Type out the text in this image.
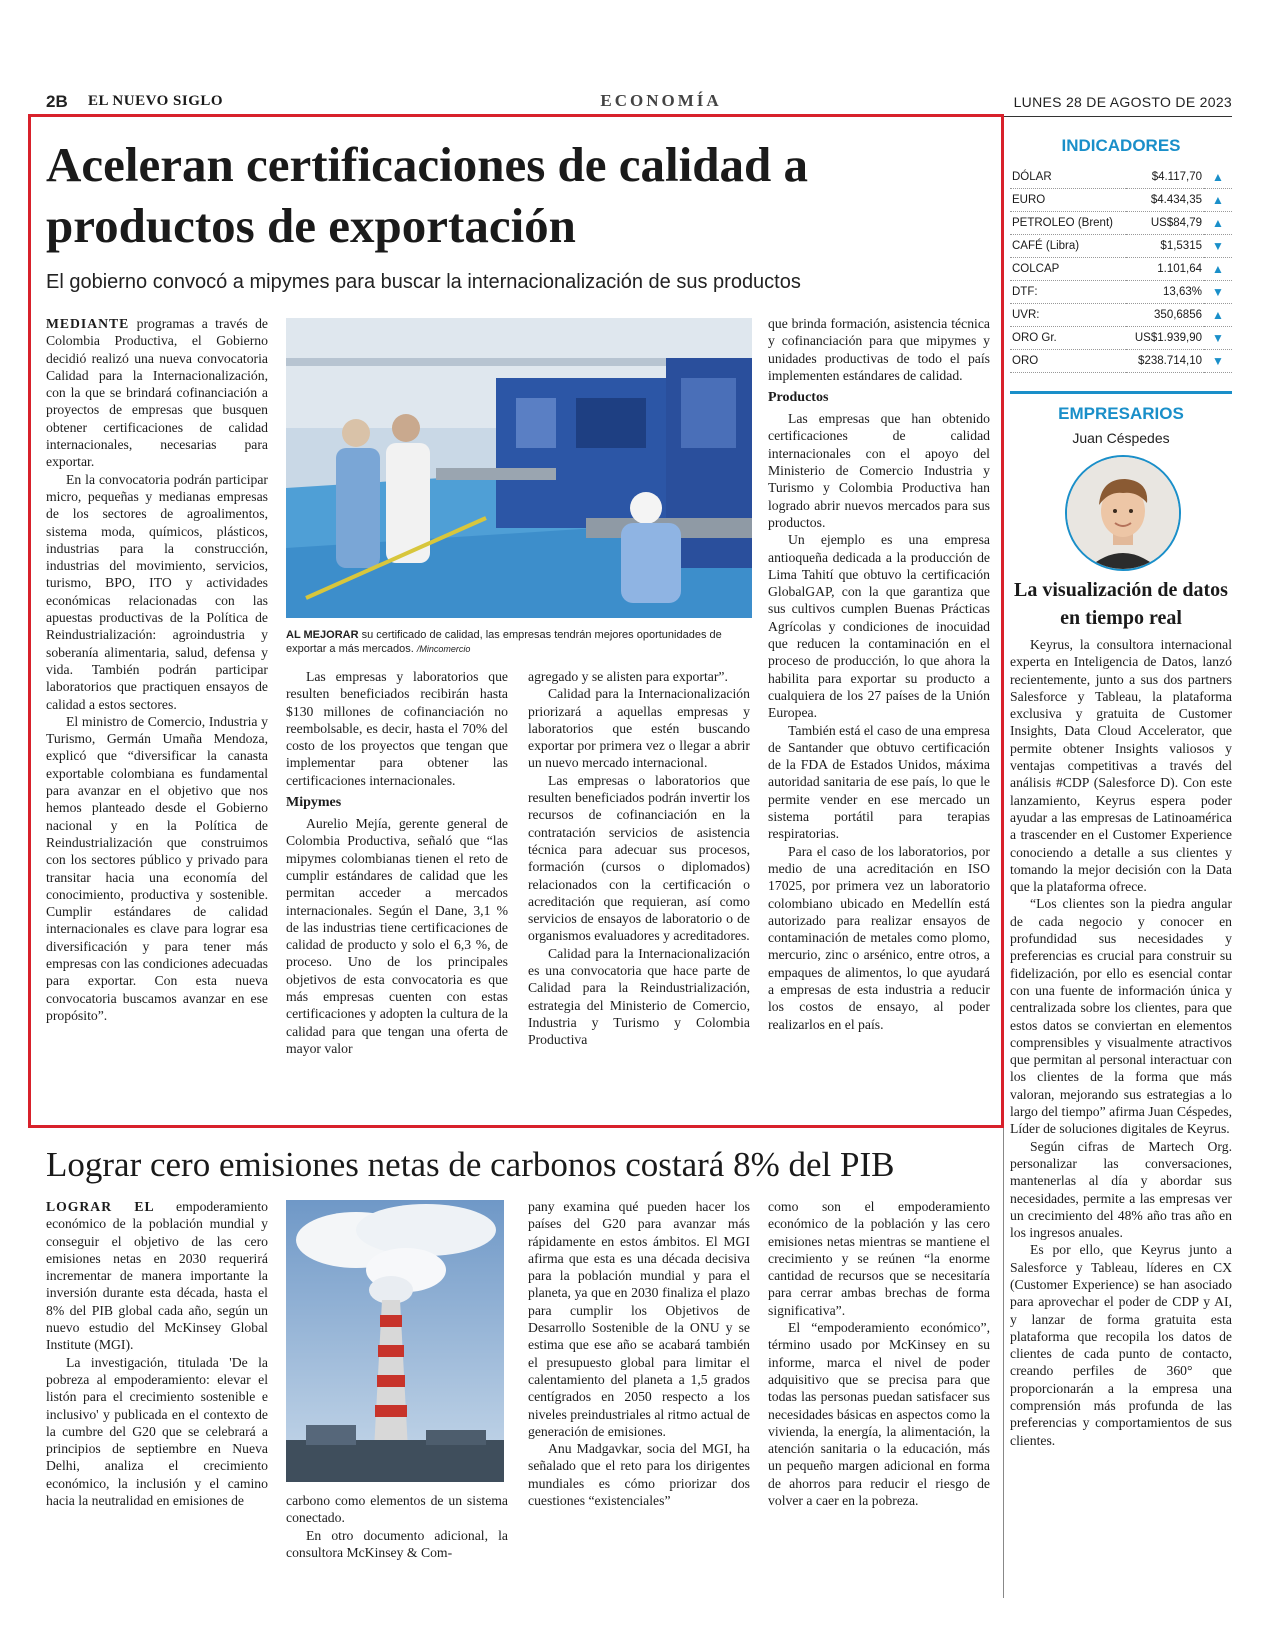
2B EL NUEVO SIGLO	ECONOMÍA	LUNES 28 DE AGOSTO DE 2023
Aceleran certificaciones de calidad a productos de exportación

El gobierno convocó a mipymes para buscar la internacionalización de sus productos

MEDIANTE programas a través de Colombia Productiva, el Gobierno decidió realizó una nueva convocatoria Calidad para la Internacionalización, con la que se brindará cofinanciación a proyectos de empresas que busquen obtener certificaciones de calidad internacionales, necesarias para exportar.

En la convocatoria podrán participar micro, pequeñas y medianas empresas de los sectores de agroalimentos, sistema moda, químicos, plásticos, industrias para la construcción, industrias del movimiento, servicios, turismo, BPO, ITO y actividades económicas relacionadas con las apuestas productivas de la Política de Reindustrialización: agroindustria y soberanía alimentaria, salud, defensa y vida. También podrán participar laboratorios que practiquen ensayos de calidad a estos sectores.

El ministro de Comercio, Industria y Turismo, Germán Umaña Mendoza, explicó que “diversificar la canasta exportable colombiana es fundamental para avanzar en el objetivo que nos hemos planteado desde el Gobierno nacional y en la Política de Reindustrialización que construimos con los sectores público y privado para transitar hacia una economía del conocimiento, productiva y sostenible. Cumplir estándares de calidad internacionales es clave para lograr esa diversificación y para tener más empresas con las condiciones adecuadas para exportar. Con esta nueva convocatoria buscamos avanzar en ese propósito”.

AL MEJORAR su certificado de calidad, las empresas tendrán mejores oportunidades de exportar a más mercados. /Mincomercio

Las empresas y laboratorios que resulten beneficiados recibirán hasta $130 millones de cofinanciación no reembolsable, es decir, hasta el 70% del costo de los proyectos que tengan que implementar para obtener las certificaciones internacionales.

Mipymes

Aurelio Mejía, gerente general de Colombia Productiva, señaló que “las mipymes colombianas tienen el reto de cumplir estándares de calidad que les permitan acceder a mercados internacionales. Según el Dane, 3,1 % de las industrias tiene certificaciones de calidad de producto y solo el 6,3 %, de proceso. Uno de los principales objetivos de esta convocatoria es que más empresas cuenten con estas certificaciones y adopten la cultura de la calidad para que tengan una oferta de mayor valor

agregado y se alisten para exportar”.

Calidad para la Internacionalización priorizará a aquellas empresas y laboratorios que estén buscando exportar por primera vez o llegar a abrir un nuevo mercado internacional.

Las empresas o laboratorios que resulten beneficiados podrán invertir los recursos de cofinanciación en la contratación servicios de asistencia técnica para adecuar sus procesos, formación (cursos o diplomados) relacionados con la certificación o acreditación que requieran, así como servicios de ensayos de laboratorio o de organismos evaluadores y acreditadores.

Calidad para la Internacionalización es una convocatoria que hace parte de Calidad para la Reindustrialización, estrategia del Ministerio de Comercio, Industria y Turismo y Colombia Productiva

que brinda formación, asistencia técnica y cofinanciación para que mipymes y unidades productivas de todo el país implementen estándares de calidad.

Productos

Las empresas que han obtenido certificaciones de calidad internacionales con el apoyo del Ministerio de Comercio Industria y Turismo y Colombia Productiva han logrado abrir nuevos mercados para sus productos.

Un ejemplo es una empresa antioqueña dedicada a la producción de Lima Tahití que obtuvo la certificación GlobalGAP, con la que garantiza que sus cultivos cumplen Buenas Prácticas Agrícolas y condiciones de inocuidad que reducen la contaminación en el proceso de producción, lo que ahora la habilita para exportar su producto a cualquiera de los 27 países de la Unión Europea.

También está el caso de una empresa de Santander que obtuvo certificación de la FDA de Estados Unidos, máxima autoridad sanitaria de ese país, lo que le permite vender en ese mercado un sistema portátil para terapias respiratorias.

Para el caso de los laboratorios, por medio de una acreditación en ISO 17025, por primera vez un laboratorio colombiano ubicado en Medellín está autorizado para realizar ensayos de contaminación de metales como plomo, mercurio, zinc o arsénico, entre otros, a empaques de alimentos, lo que ayudará a empresas de esta industria a reducir los costos de ensayo, al poder realizarlos en el país.

INDICADORES
DÓLAR	$4.117,70	▲
EURO	$4.434,35	▲
PETROLEO (Brent)	US$84,79	▲
CAFÉ (Libra)	$1,5315	▼
COLCAP	1.101,64	▲
DTF:	13,63%	▼
UVR:	350,6856	▲
ORO Gr.	US$1.939,90	▼
ORO	$238.714,10	▼
EMPRESARIOS
Juan Céspedes
La visualización de datos en tiempo real

Keyrus, la consultora internacional experta en Inteligencia de Datos, lanzó recientemente, junto a sus dos partners Salesforce y Tableau, la plataforma exclusiva y gratuita de Customer Insights, Data Cloud Accelerator, que permite obtener Insights valiosos y ventajas competitivas a través del análisis #CDP (Salesforce D). Con este lanzamiento, Keyrus espera poder ayudar a las empresas de Latinoamérica a trascender en el Customer Experience conociendo a detalle a sus clientes y tomando la mejor decisión con la Data que la plataforma ofrece.

“Los clientes son la piedra angular de cada negocio y conocer en profundidad sus necesidades y preferencias es crucial para construir su fidelización, por ello es esencial contar con una fuente de información única y centralizada sobre los clientes, para que estos datos se conviertan en elementos comprensibles y visualmente atractivos que permitan al personal interactuar con los clientes de la forma que más valoran, mejorando sus estrategias a lo largo del tiempo” afirma Juan Céspedes, Líder de soluciones digitales de Keyrus.

Según cifras de Martech Org. personalizar las conversaciones, mantenerlas al día y abordar sus necesidades, permite a las empresas ver un crecimiento del 48% año tras año en los ingresos anuales.

Es por ello, que Keyrus junto a Salesforce y Tableau, líderes en CX (Customer Experience) se han asociado para aprovechar el poder de CDP y AI, y lanzar de forma gratuita esta plataforma que recopila los datos de clientes de cada punto de contacto, creando perfiles de 360° que proporcionarán a la empresa una comprensión más profunda de las preferencias y comportamientos de sus clientes.

Lograr cero emisiones netas de carbonos costará 8% del PIB

LOGRAR EL empoderamiento económico de la población mundial y conseguir el objetivo de las cero emisiones netas en 2030 requerirá incrementar de manera importante la inversión durante esta década, hasta el 8% del PIB global cada año, según un nuevo estudio del McKinsey Global Institute (MGI).

La investigación, titulada 'De la pobreza al empoderamiento: elevar el listón para el crecimiento sostenible e inclusivo' y publicada en el contexto de la cumbre del G20 que se celebrará a principios de septiembre en Nueva Delhi, analiza el crecimiento económico, la inclusión y el camino hacia la neutralidad en emisiones de	carbono como elementos de un sistema conectado.

En otro documento adicional, la consultora McKinsey & Com-

pany examina qué pueden hacer los países del G20 para avanzar más rápidamente en estos ámbitos. El MGI afirma que esta es una década decisiva para la población mundial y para el planeta, ya que en 2030 finaliza el plazo para cumplir los Objetivos de Desarrollo Sostenible de la ONU y se estima que ese año se acabará también el presupuesto global para limitar el calentamiento del planeta a 1,5 grados centígrados en 2050 respecto a los niveles preindustriales al ritmo actual de generación de emisiones.

Anu Madgavkar, socia del MGI, ha señalado que el reto para los dirigentes mundiales es cómo priorizar dos cuestiones “existenciales”

como son el empoderamiento económico de la población y las cero emisiones netas mientras se mantiene el crecimiento y se reúnen “la enorme cantidad de recursos que se necesitaría para cerrar ambas brechas de forma significativa”.

El “empoderamiento económico”, término usado por McKinsey en su informe, marca el nivel de poder adquisitivo que se precisa para que todas las personas puedan satisfacer sus necesidades básicas en aspectos como la vivienda, la energía, la alimentación, la atención sanitaria o la educación, más un pequeño margen adicional en forma de ahorros para reducir el riesgo de volver a caer en la pobreza.
